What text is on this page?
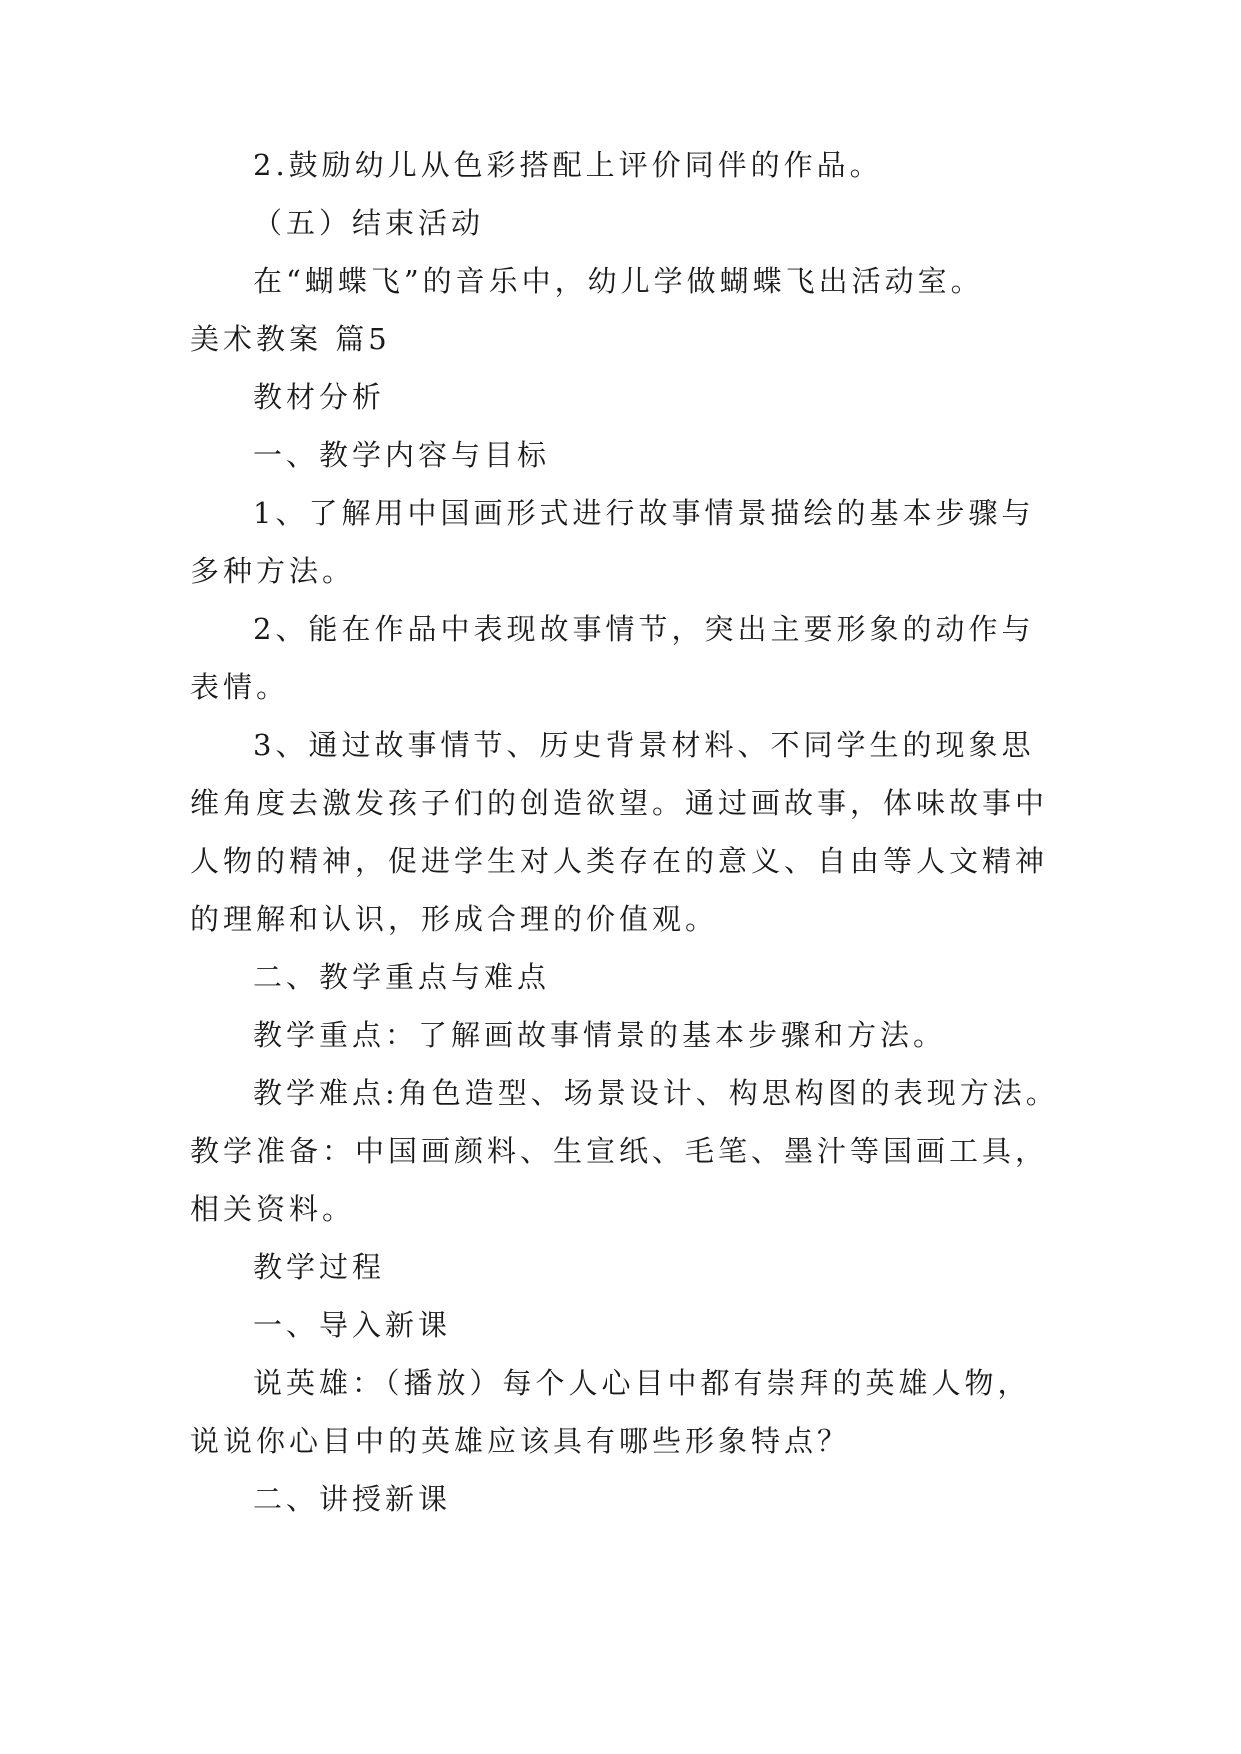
2.鼓励幼儿从色彩搭配上评价同伴的作品。
（五）结束活动
在“蝴蝶飞”的音乐中，幼儿学做蝴蝶飞出活动室。
美术教案 篇5
教材分析
一、教学内容与目标
1、了解用中国画形式进行故事情景描绘的基本步骤与
多种方法。
2、能在作品中表现故事情节，突出主要形象的动作与
表情。
3、通过故事情节、历史背景材料、不同学生的现象思
维角度去激发孩子们的创造欲望。通过画故事，体味故事中
人物的精神，促进学生对人类存在的意义、自由等人文精神
的理解和认识，形成合理的价值观。
二、教学重点与难点
教学重点：了解画故事情景的基本步骤和方法。
教学难点:角色造型、场景设计、构思构图的表现方法。
教学准备：中国画颜料、生宣纸、毛笔、墨汁等国画工具，
相关资料。
教学过程
一、导入新课
说英雄：（播放）每个人心目中都有崇拜的英雄人物，
说说你心目中的英雄应该具有哪些形象特点？
二、讲授新课
